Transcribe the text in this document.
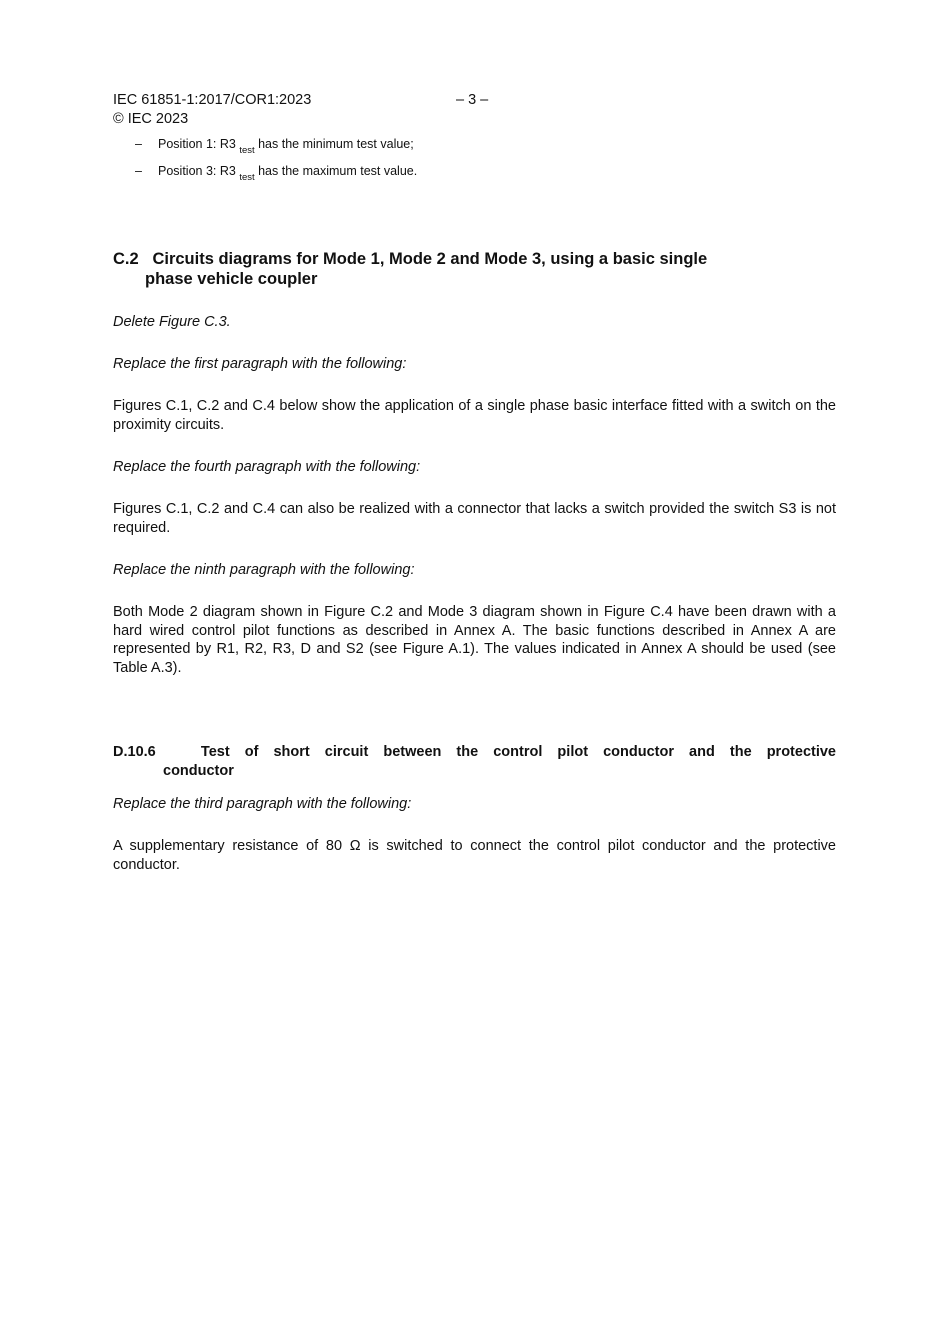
IEC 61851-1:2017/COR1:2023
© IEC 2023
– 3 –
– Position 1: R3 $_{test}$ has the minimum test value;
– Position 3: R3 $_{test}$ has the maximum test value.
C.2 Circuits diagrams for Mode 1, Mode 2 and Mode 3, using a basic single
phase vehicle coupler
Delete Figure C.3.
Replace the first paragraph with the following:
Figures C.1, C.2 and C.4 below show the application of a single phase basic interface fitted with a switch on the proximity circuits.
Replace the fourth paragraph with the following:
Figures C.1, C.2 and C.4 can also be realized with a connector that lacks a switch provided the switch S3 is not required.
Replace the ninth paragraph with the following:
Both Mode 2 diagram shown in Figure C.2 and Mode 3 diagram shown in Figure C.4 have been drawn with a hard wired control pilot functions as described in Annex A. The basic functions described in Annex A are represented by R1, R2, R3, D and S2 (see Figure A.1). The values indicated in Annex A should be used (see Table A.3).
D.10.6	Test of short circuit between the control pilot conductor and the protective
conductor
Replace the third paragraph with the following:
A supplementary resistance of 80 Ω is switched to connect the control pilot conductor and the protective conductor.
